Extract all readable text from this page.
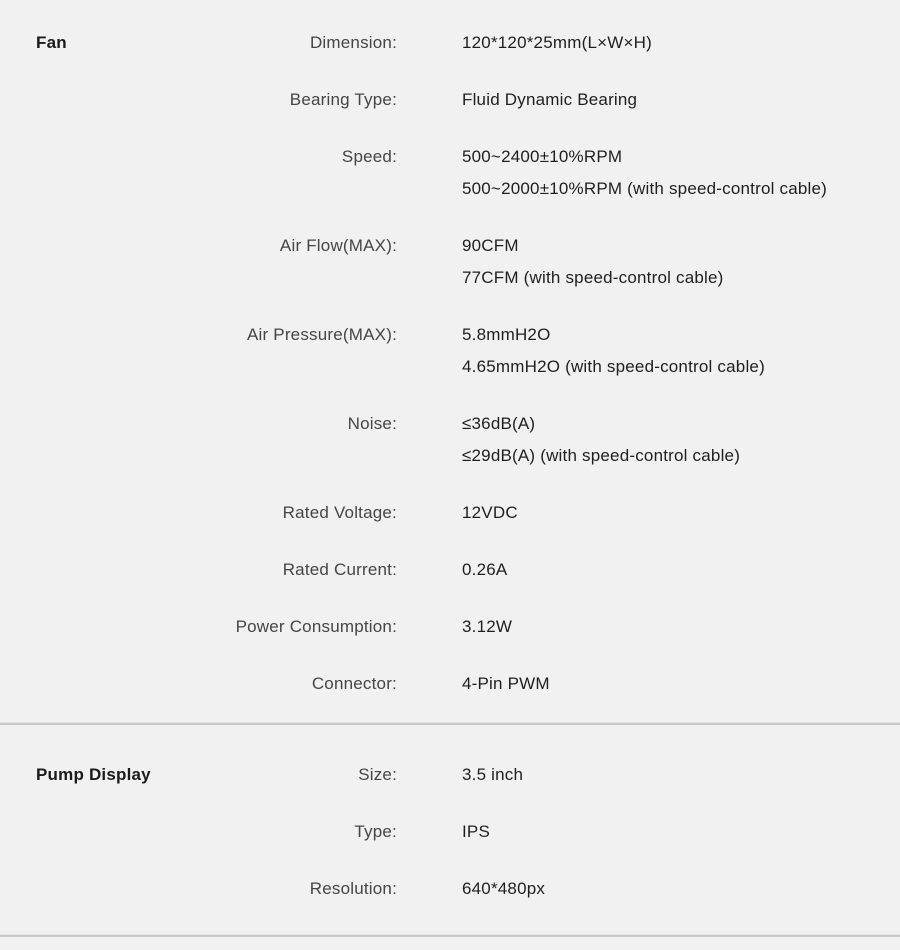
Fan	Dimension:	120*120*25mm(L×W×H)
Bearing Type:	Fluid Dynamic Bearing
Speed:	500~2400±10%RPM
500~2000±10%RPM (with speed-control cable)
Air Flow(MAX):	90CFM
77CFM (with speed-control cable)
Air Pressure(MAX):	5.8mmH2O
4.65mmH2O (with speed-control cable)
Noise:	≤36dB(A)
≤29dB(A) (with speed-control cable)
Rated Voltage:	12VDC
Rated Current:	0.26A
Power Consumption:	3.12W
Connector:	4-Pin PWM
Pump Display	Size:	3.5 inch
Type:	IPS
Resolution:	640*480px
